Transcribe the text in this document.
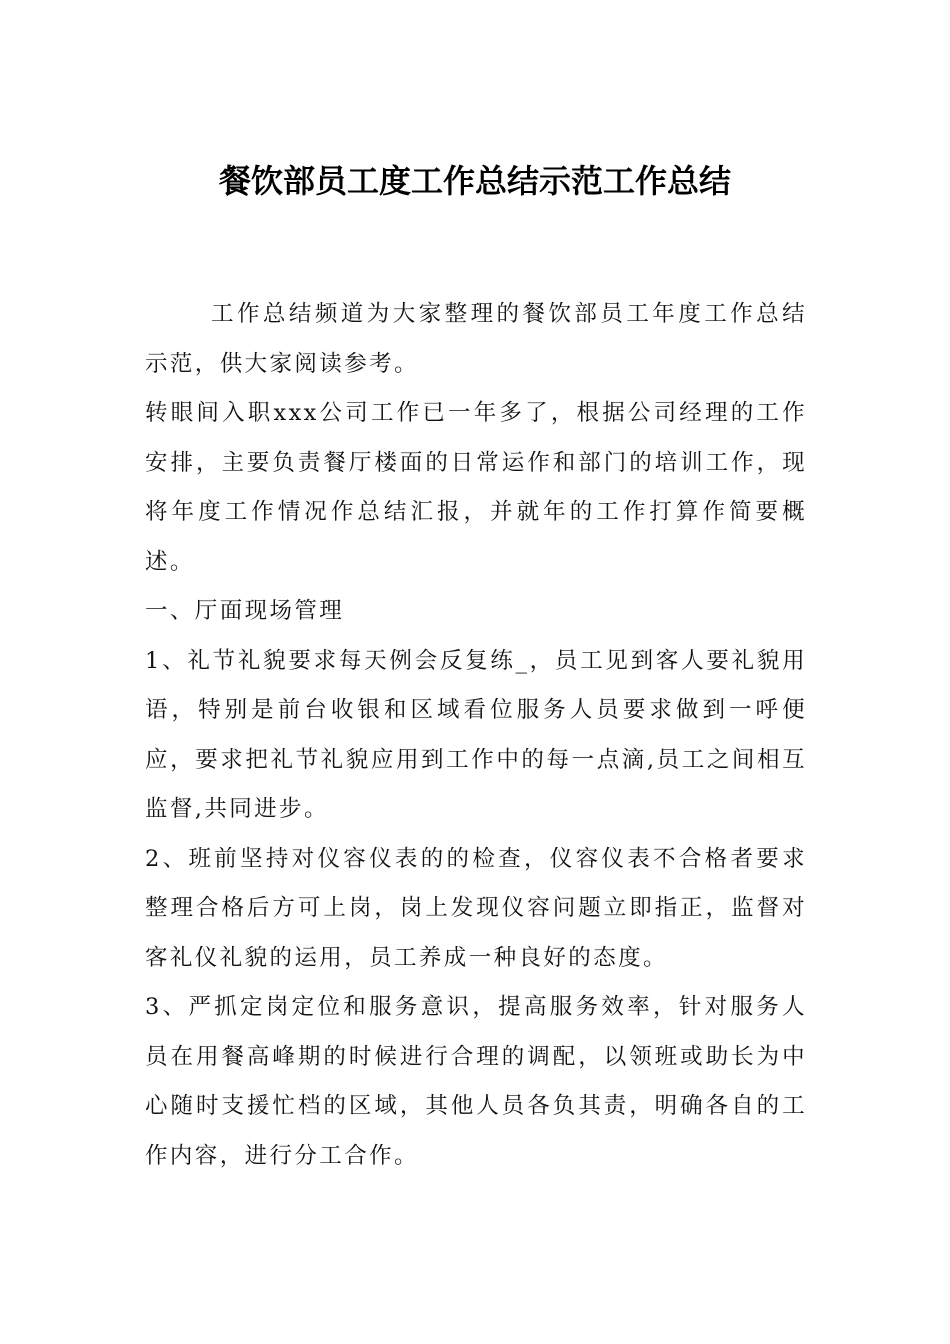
餐饮部员工度工作总结示范工作总结

工作总结频道为大家整理的餐饮部员工年度工作总结示范，供大家阅读参考。

转眼间入职xxx公司工作已一年多了，根据公司经理的工作安排，主要负责餐厅楼面的日常运作和部门的培训工作，现将年度工作情况作总结汇报，并就年的工作打算作简要概述。

一、厅面现场管理

1、礼节礼貌要求每天例会反复练_，员工见到客人要礼貌用语，特别是前台收银和区域看位服务人员要求做到一呼便应，要求把礼节礼貌应用到工作中的每一点滴,员工之间相互监督,共同进步。

2、班前坚持对仪容仪表的的检查，仪容仪表不合格者要求整理合格后方可上岗，岗上发现仪容问题立即指正，监督对客礼仪礼貌的运用，员工养成一种良好的态度。

3、严抓定岗定位和服务意识，提高服务效率，针对服务人员在用餐高峰期的时候进行合理的调配，以领班或助长为中心随时支援忙档的区域，其他人员各负其责，明确各自的工作内容，进行分工合作。
